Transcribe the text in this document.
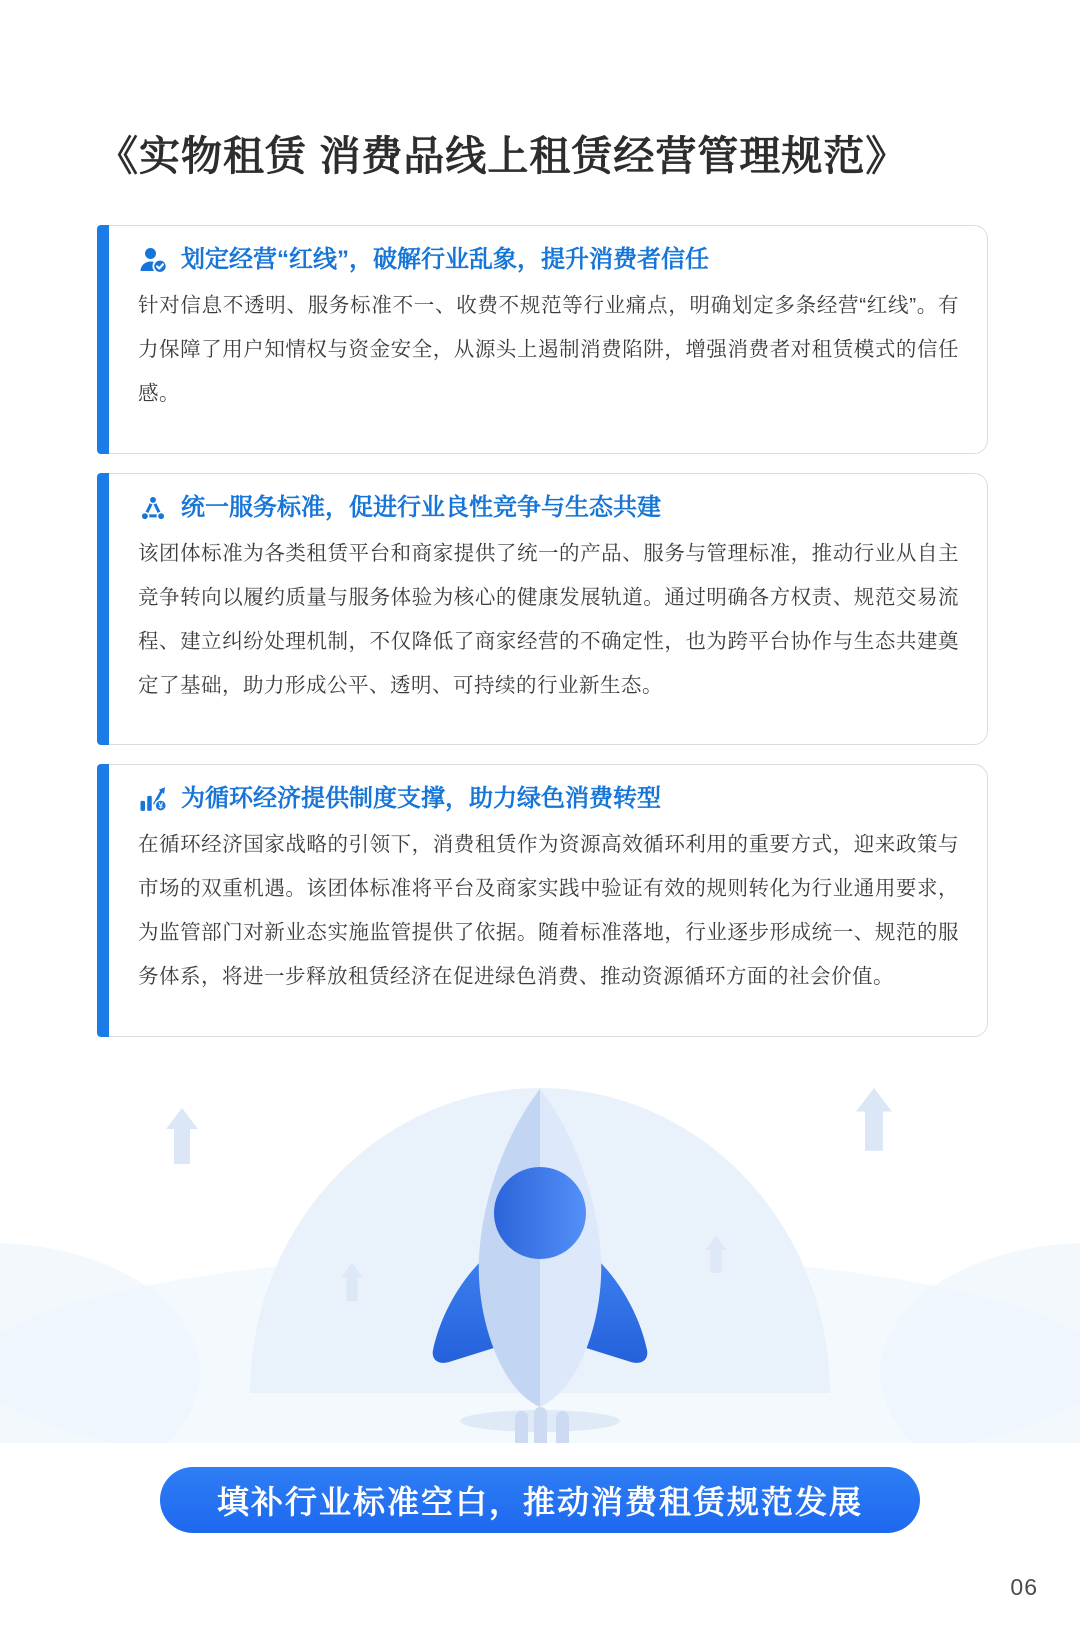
《实物租赁 消费品线上租赁经营管理规范》
划定经营“红线”，破解行业乱象，提升消费者信任

针对信息不透明、服务标准不一、收费不规范等行业痛点，明确划定多条经营“红线”。有力保障了用户知情权与资金安全，从源头上遏制消费陷阱，增强消费者对租赁模式的信任感。

统一服务标准，促进行业良性竞争与生态共建

该团体标准为各类租赁平台和商家提供了统一的产品、服务与管理标准，推动行业从自主竞争转向以履约质量与服务体验为核心的健康发展轨道。通过明确各方权责、规范交易流程、建立纠纷处理机制，不仅降低了商家经营的不确定性，也为跨平台协作与生态共建奠定了基础，助力形成公平、透明、可持续的行业新生态。

¥ 为循环经济提供制度支撑，助力绿色消费转型

在循环经济国家战略的引领下，消费租赁作为资源高效循环利用的重要方式，迎来政策与市场的双重机遇。该团体标准将平台及商家实践中验证有效的规则转化为行业通用要求，为监管部门对新业态实施监管提供了依据。随着标准落地，行业逐步形成统一、规范的服务体系，将进一步释放租赁经济在促进绿色消费、推动资源循环方面的社会价值。

填补行业标准空白，推动消费租赁规范发展
06
